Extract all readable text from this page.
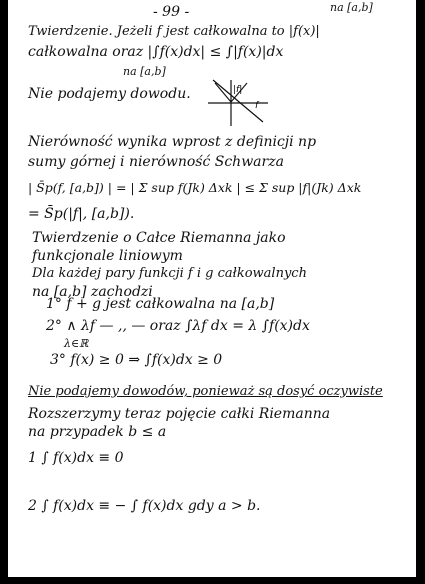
- 99 -	na [a,b]
Twierdzenie. Jeżeli f jest całkowalna to |f(x)|
całkowalna oraz |∫f(x)dx| ≤ ∫|f(x)|dx
na [a,b]
Nie podajemy dowodu.	|f|
f
Nierówność wynika wprost z definicji np
sumy górnej i nierówność Schwarza
| S̄p(f, [a,b]) | = | Σ sup f(Jk) Δxk | ≤ Σ sup |f|(Jk) Δxk
= S̄p(|f|, [a,b]).
Twierdzenie o Całce Riemanna jako
funkcjonale liniowym
Dla każdej pary funkcji f i g całkowalnych
na [a,b] zachodzi
1° f + g jest całkowalna na [a,b]
2° ∧ λf — ,, — oraz ∫λf dx = λ ∫f(x)dx
λ∈ℝ
3° f(x) ≥ 0 ⇒ ∫f(x)dx ≥ 0
Nie podajemy dowodów, ponieważ są dosyć oczywiste
Rozszerzymy teraz pojęcie całki Riemanna
na przypadek b ≤ a
1 ∫ f(x)dx ≡ 0
2 ∫ f(x)dx ≡ − ∫ f(x)dx gdy a > b.
